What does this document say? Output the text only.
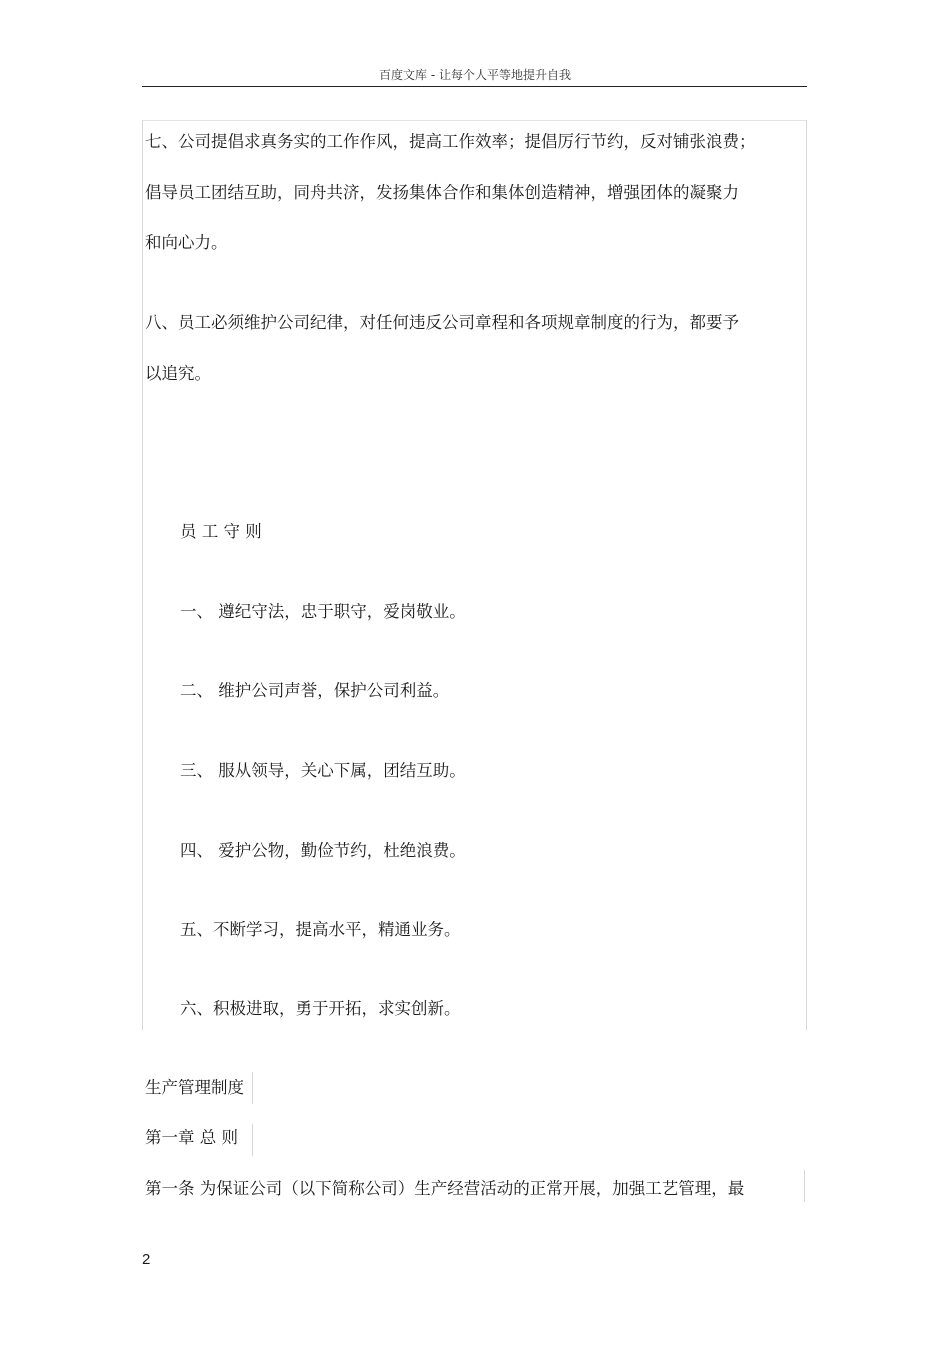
百度文库 - 让每个人平等地提升自我
七、公司提倡求真务实的工作作风，提高工作效率；提倡厉行节约，反对铺张浪费；
倡导员工团结互助，同舟共济，发扬集体合作和集体创造精神，增强团体的凝聚力
和向心力。
八、员工必须维护公司纪律，对任何违反公司章程和各项规章制度的行为，都要予
以追究。
员 工 守 则
一、 遵纪守法，忠于职守，爱岗敬业。
二、 维护公司声誉，保护公司利益。
三、 服从领导，关心下属，团结互助。
四、 爱护公物，勤俭节约，杜绝浪费。
五、不断学习，提高水平，精通业务。
六、积极进取，勇于开拓，求实创新。
生产管理制度
第一章 总 则
第一条 为保证公司（以下简称公司）生产经营活动的正常开展，加强工艺管理，最
2
